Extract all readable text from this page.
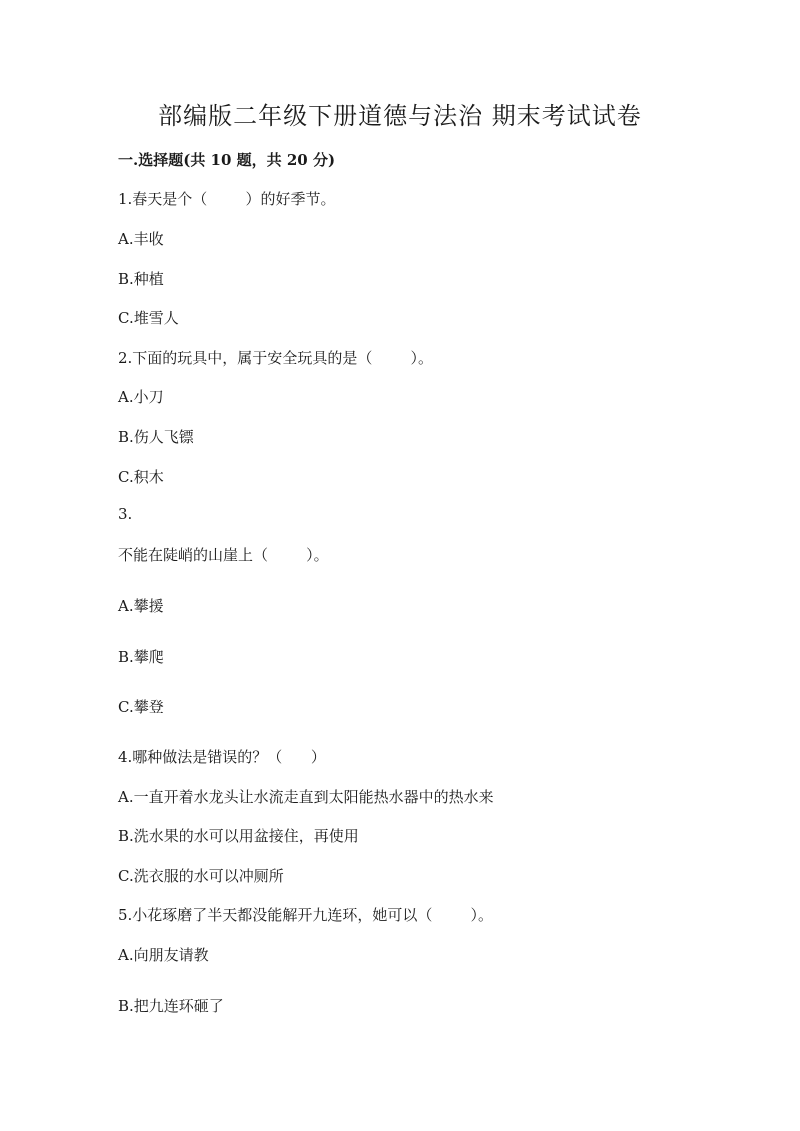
部编版二年级下册道德与法治 期末考试试卷
一.选择题(共 10 题，共 20 分)
1.春天是个（        ）的好季节。
A.丰收
B.种植
C.堆雪人
2.下面的玩具中，属于安全玩具的是（        ）。
A.小刀
B.伤人飞镖
C.积木
3.
不能在陡峭的山崖上（        ）。
A.攀援
B.攀爬
C.攀登
4.哪种做法是错误的？（      ）
A.一直开着水龙头让水流走直到太阳能热水器中的热水来
B.洗水果的水可以用盆接住，再使用
C.洗衣服的水可以冲厕所
5.小花琢磨了半天都没能解开九连环，她可以（        ）。
A.向朋友请教
B.把九连环砸了
